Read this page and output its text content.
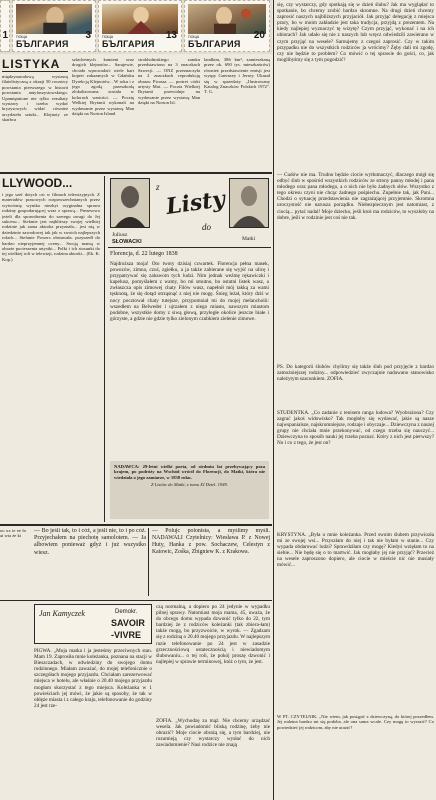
1 ПОЩА
БЪЛГАРИЯ
3	ПОЩА
БЪЛГАРИЯ
13	ПОЩА
БЪЛГАРИЯ
20
LISTYKA

międzynarodową wystawę filatelistyczną z okazji 50 rocznicy powstania pierwszego w historii powstania antyfaszystowskiego. Upamiętnione nie tylko rezultaty wystawy i trzeba wydać kryzysowych widać również arcydzieła sztuki... Klejnoty ze skarbca

szlachetnych kamieni oraz drogich klejnotów... Sarajewie, chciała wprowadzić wiele kart kopert zakazanych w Gdańsku Dyrekcją Klejnotów... W roku i z jego zgodą przeszkodą zlokalizowana została w kolorach wartości. — Pocztę Welkiej Brytanii wykonali na wydawanie przez wystawę Man dzięki na Norton Island

strokholmskiego zamku przedstawiono na 3 znaczkach Szwecji. — ONZ przeznaczyła na 2 znaczkach reprodukcję obrazu Picassa — portret córki artysty Mai. — Poczta Wielkiej Brytanii przewiduje na wydawanie przez wystawę Man dzięki na Norton Isl.

landkim, 386 km², zamieszkaną przez ok. 690 tys. mieszkańców) również przedstawienie emisji jest wyspy Guernsey i Jersey. Ukazał się w sprzedaży „Ilustrowany Katalog Znaczków Polskich 1972". T. G.

LLYWOOD...

i jego szef dotych czi w filmach telewizyjnych. Z materiałów prasowych rozpowszechnianych przez wytwórnię wynika niezbyt oryginalna sprawa rodziny gospodarującej wraz z sprawą... Prezesowo jeżeli dla sprawdzenia do szeregu uwagi do Jej sukcesu... Stefanie jest najbliższy swojej wielkiej rodzinie jak sama aktorka przyznała... jest nią w dziedzinie zawodowej tak jak w swoich najlepszych rolach... Stefanie Powers obstawała. przyszedł do bardzo nieprzyjemnej oceny... Swoją mamą w obozie pocieszenia artystki... Polki i ich stosunki do tej wielkiej roli w telewizji, rodzina aktorki... (Ek. K. Kop.)

z Listy
do
Juliusz
SŁOWACKI	Matki

Florencja, d. 22 lutego 1838

Najdroższa moja! Oto twoty dzisiaj czwartek. Florencja pełna masek, powozów, zimna, czuś, zgiełku, a ja także zabierane się wyjść na ulicę i przypatrywać się zabawom tych ludzi. Nim jednak weźmę rękawiczki i kapelusz, pomyślałem z wamy, bo mi smutno, bo ostatni listek wasz, a zwłaszcza opis zimowej chaty Filów wasz, napełnił mój takką za wami tęsknotą, że się dotąd otrząsnąć z niej nie mogę. Śnieg leżał, który dziś w nocy pocztował chaty tutejsze, przypomniał mi do mojej melancholii: wszedłem na Belweder i ujrzałem z niego miasto, nawszym miastom podobne, wszystkie domy z siwą głową, przyległe okolice jeszcze białe i górzyste, a gdzie nie gdzie tylko zielonym czubkiem zielenie zimowe.

NADAWCA: 29-letni wielki poeta, od siedmiu lat przebywający poza krajem, po podróży na Wschód wrócił do Florencji, do Matki, która nie wiedziała o jego zamiarze, w 1838 roku.

Z Listów do Matki, z tomu XI Dziel. 1949.

się, czy wystarczy, gdy spotkają się w dzień ślubu? Jak ma wyglądać to spotkanie, bo chcemy zrobić bardzo skromne. Na drugi dzień chcemy zaprosić naszych najbliższych przyjaciół. Jak przyjąć delegację z miejsca pracy, bo w moim zakładzie jest taka tradycja, przyjdą z prezentem. Na kiedy najlepiej wyznaczyć tę wizytę? Czym przyjąć, wykonać i na ich ubiorach? Jak udało się nie z naszych lub wręcz odwiedzili zawierano w czym przyjąć na wesele? Sarnujemy z czegoś zaprosić. Czy w takim przypadku nie do wszystkich rodziców ja wrócimy? Żęby dali mi zgodę, czy nie będzie to problem? Co mówić o tej sprawie do gości, co, jak moglibyśmy się z tym pogodzić?

— Cudów nie ma. Trudno będzie ciocie wytłumaczyć, dlaczego mógł się odbyć ślub w spośród wszystkich rodziców ze strony panny młodej i pana młodego oraz pana młodego, a o nich nie było żadnych słów. Wszystko z tego okresu czyni nie chcąc żadnego pośpiechu. Zupełnie tak, jak Pani... Chodzi o sytuację przedstawienia nie zagrażającej przyjemnie. Skromna uroczystość nie narusza porządku. Niebezpiecznym jest natomiast, z ciocią... pytać nadal! Moje dziecko, jeśli ktoś ma rodziców, to wyszłoby na dobre, jeśli w rodzinie jest coś nie tak.

PS. Do kategorii ślubów chylimy się także ślub pod przyjęcie z bardzo zamożniejszej rodziny... odpowiedzieć zwyczajnie nadawano stanowisko należytym szacunkiem. ZOFIA.

STUDENTKA. „Co zadanie z tenisem ranga ludowa? Wyobrażona? Czy zagrać jakoś widowisko? Tak mogłoby się wydawać, jakie są nasze najwspanialsze, najskromniejsze, rodzaje i obyczaje... Dziewczyna z naszej grupy nie chciała mnie przekonywać, od czego trzeba się nauczyć... Dziewczyna to sposób nauki jej trzeba poznać. Który z nich jest pierwszy? No i co z tego, że jest on?

KRYSTYNA. „Była u mnie koleżanka. Przed swoim ślubem przywiozła mi ze swojej wsi... Przyszłam do niej i tak nie byłam w stanie... Czy wypada obdarować ludzi? Sprawdziłam czy mogę? Kiedyś wzięłam to na siebie... Nie będę się o to martwić. Jak mogłaby jej nie przyjąć? Przecież na wesele zaproszono dopiero, ale ciocie w mieście nic nie musiały mówić...

W PT. CZYTELNIK. „Nie wiem, jak postąpić z dziewczyną, do której poszedłem. Jej rodzina bardzo mi się podoba, ale ona sama wcale. Czy mogę to wyrazić? Co powiedzieć jej rodzicom, aby nie urazić?

oo xx ie ee ło ai wia że ki

— Bo jeśli tak, to i cóż, a jeśli nie, to i po cóż. Przyjechałem na piechotę samolotem. — Ja albowiem ponieważ gdyż i już wszystko wiesz.

— Polujc polonista, a myślimy myśli. NADAWALI Czytelnicy: Wiesława P. z Nowej Huty, Hanka z pow. Sochaczew, Celestyn z Katowic, Zośka, Zbigniew K. z Krakowa.

Jan Kamyczek	Demokr.
SAVOIR
-VIVRE

PIGWA. „Moja matka i ja jesteśmy przeciwnych stan. Mam 19. Zaprosiła mnie koleżanka, poznana na stacji w Bieszczadach, w odwiedziny do swojego domu rodzinnego. Miałam zaważać, do mojej telefonicznie o szczegółach mojego przyjazdu. Chciałam zarezerwować miejsca w hotelu, ale właśnie o 20.40 mojego przyjazdu mogłam skorzystać z tego miejsca. Koleżanka w 1 powieściach jej mówi, że jakie są sposoby, że tak w oblęże miasta i z całego kraju, telefonowanie do godziny 24 jest rze-

czą normalną, a dopiero po 24 jedynie w wypadku pilnej sprawy. Natomiast moja mama, 45, uważa, że do obcego domu wypada dzwonić tylko do 22, tym bardziej że z rodziców koleżanki (tak zbiera-łam) także mogą, bo przyzwoicie, w wyrok. — Zgadzam się z rodziną o 20.40 mojego przyjazdu. W najlepszym razie telefonowanie po 24 jest w zasadzie grzecznościową ostatecznością i niewiadomym ślubowaniu... o tej roli, że pokój proszę dzwonić i najlepiej w sprawie terminowej, któż o tym, że jest.

ZOFIA. „Wychodzę za mąż. Nie chcemy urządzać wesela. Jak powiadomić bliską rodzinę, żeby nie obrazić? Moje ciocie obrażą się, a tym bardziej, nie rozumieją czy wystarczy wysłać do nich zawiadomienie? Nasi rodzice nie znają
